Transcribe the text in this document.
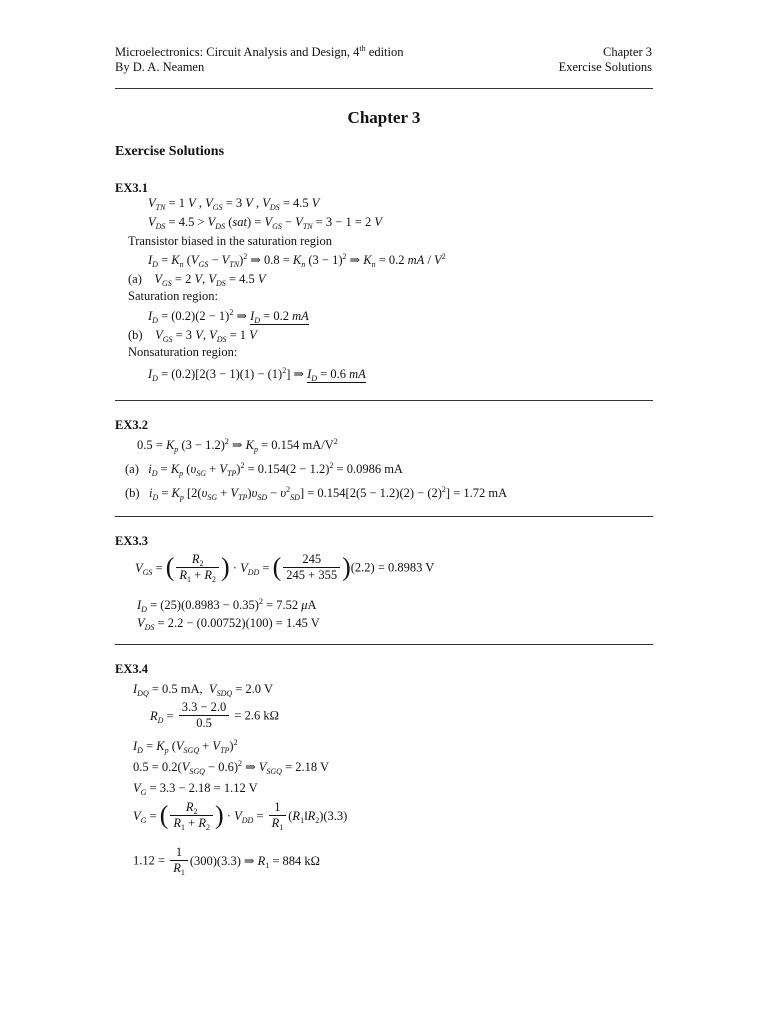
Microelectronics: Circuit Analysis and Design, 4th edition
By D. A. Neamen
Chapter 3
Exercise Solutions
Chapter 3
Exercise Solutions
EX3.1
$V_{TN} = 1$ V , $V_{GS} = 3$ V , $V_{DS} = 4.5$ V
$V_{DS} = 4.5 > V_{DS}$ $(sat) = V_{GS} - V_{TN} = 3 - 1 = 2$ V
Transistor biased in the saturation region
$I_D = K_n$ $(V_{GS} - V_{TN})^2$ ⇒ $0.8 = K_n$ $(3 - 1)^2$ ⇒ $K_n = 0.2$ mA / $V^2$
(a) $V_{GS} = 2$ V, $V_{DS} = 4.5$ V
Saturation region:
$I_D = (0.2)(2 - 1)^2$ ⇒ $I_D = 0.2$ mA
(b) $V_{GS} = 3$ V, $V_{DS} = 1$ V
Nonsaturation region:
$I_D = (0.2)[2(3 - 1)(1) - (1)^2]$ ⇒ $I_D = 0.6$ mA
EX3.2
$0.5 = K_p$ $(3 - 1.2)^2$ ⇒ $K_p = 0.154$ $mA/V^2$
(a) $i_D = K_p$ $(\upsilon_{SG} + V_{TP})^2 = 0.154(2 - 1.2)^2 = 0.0986$ mA
(b) $i_D = K_p$ $[2(\upsilon_{SG} + V_{TP})\upsilon_{SD} - \upsilon^2_{SD}] = 0.154[2(5 - 1.2)(2) - (2)^2] = 1.72$ mA
EX3.3
$V_{GS}$ = ( $\frac{R_2}{R_1 + R_2}$ ) · $V_{DD}$ = ( $\frac{245}{245 + 355} )(2.2) = 0.8983$ V
$I_D = (25)(0.8983 - 0.35)^2 = 7.52$ μA
$V_{DS} = 2.2 - (0.00752)(100) = 1.45$ V
EX3.4
$I_{DQ} = 0.5$ mA,  $V_{SDQ} = 2.0$ V
$R_D = \frac{3.3 - 2.0}{0.5} = 2.6$ kΩ
$I_D = K_p$ $(V_{SGQ} + V_{TP})^2$
$0.5 = 0.2(V_{SGQ} - 0.6)^2$ ⇒ $V_{SGQ} = 2.18$ V
$V_G = 3.3 - 2.18 = 1.12$ V
$V_G$ = ( $\frac{R_2}{R_1 + R_2}$ ) · $V_{DD} = \frac{1}{R_1}$ $(R_1‖R_2)(3.3)$
$1.12 = \frac{1}{R_1} (300)(3.3)$ ⇒ $R_1 = 884$ kΩ
